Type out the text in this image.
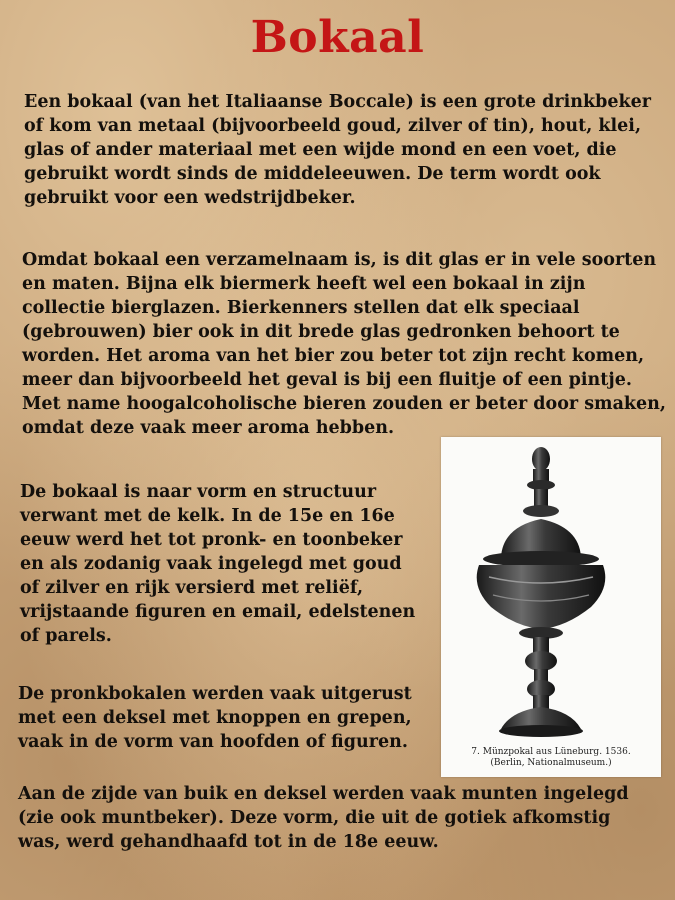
Bokaal

Een bokaal (van het Italiaanse Boccale) is een grote drinkbeker of kom van metaal (bijvoorbeeld goud, zilver of tin), hout, klei, glas of ander materiaal met een wijde mond en een voet, die gebruikt wordt sinds de middeleeuwen. De term wordt ook gebruikt voor een wedstrijdbeker.

Omdat bokaal een verzamelnaam is, is dit glas er in vele soorten en maten. Bijna elk biermerk heeft wel een bokaal in zijn collectie bierglazen. Bierkenners stellen dat elk speciaal (gebrouwen) bier ook in dit brede glas gedronken behoort te worden. Het aroma van het bier zou beter tot zijn recht komen, meer dan bijvoorbeeld het geval is bij een fluitje of een pintje. Met name hoogalcoholische bieren zouden er beter door smaken, omdat deze vaak meer aroma hebben.

De bokaal is naar vorm en structuur verwant met de kelk. In de 15e en 16e eeuw werd het tot pronk- en toonbeker en als zodanig vaak ingelegd met goud of zilver en rijk versierd met reliëf, vrijstaande figuren en email, edelstenen of parels.

De pronkbokalen werden vaak uitgerust met een deksel met knoppen en grepen, vaak in de vorm van hoofden of figuren.

Aan de zijde van buik en deksel werden vaak munten ingelegd (zie ook muntbeker). Deze vorm, die uit de gotiek afkomstig was, werd gehandhaafd tot in de 18e eeuw.

7. Münzpokal aus Lüneburg. 1536.
(Berlin, Nationalmuseum.)
